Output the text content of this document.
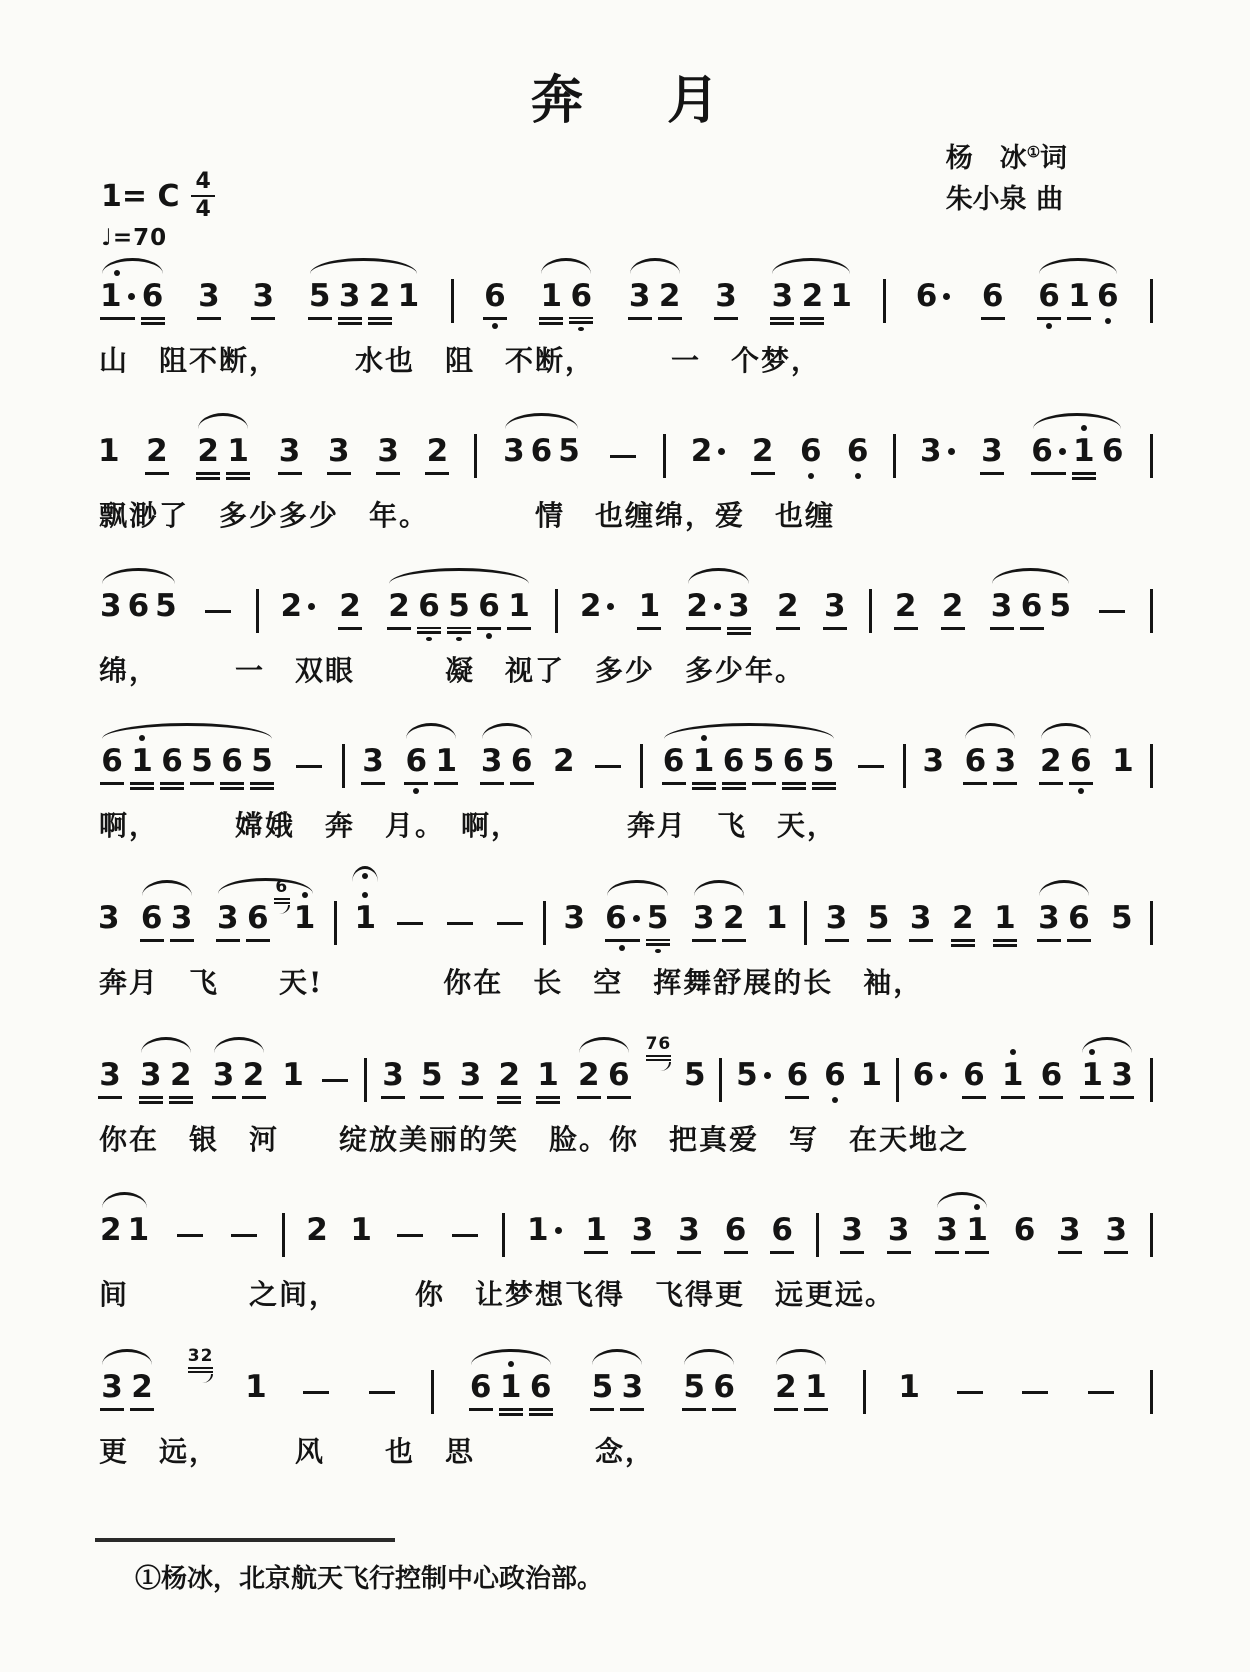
奔　月
1= C $\frac{4}{4}$
♩=70
杨　冰①词
朱小泉 曲
1 6 3 3 5 3 2 1 6 1 6 3 2 3 3 2 1 6 6 6 1 6
山　阻不断，　　　水也　阻　不断，　　　一　个梦，
1 2 2 1 3 3 3 2 3 6 5	2 2 6 6 3 3 6 1 6
飘渺了　多少多少　年。　　　　情　也缠绵，爱　也缠
3 6 5	2 2 2 6 5 6 1 2 1 2 3 2 3 2 2 3 6 5
绵，　　　一　双眼　　　凝　视了　多少　多少年。
6 1 6 5 6 5	3 6 1 3 6 2	6 1 6 5 6 5	3 6 3 2 6 1
啊，　　　嫦娥　奔　月。　啊，　　　　奔月　飞　天，
3 6 3 3 6
6
1 1	3 6 5 3 2 1 3 5 3 2 1 3 6 5
奔月　飞　　天!　　　　你在　长　空　挥舞舒展的长　袖，
3 3 2 3 2 1	3 5 3 2 1 2 6
76
5 5 6 6 1 6 6 1 6 1 3
你在　银　河　　绽放美丽的笑　脸。你　把真爱　写　在天地之
2 1	2 1	1 1 3 3 6 6 3 3 3 1 6 3 3
间　　　　之间，　　　你　让梦想飞得　飞得更　远更远。
3 2
32
1	6 1 6 5 3 5 6 2 1 1
更　远，　　　风　　也　思　　　　念，
①杨冰，北京航天飞行控制中心政治部。
